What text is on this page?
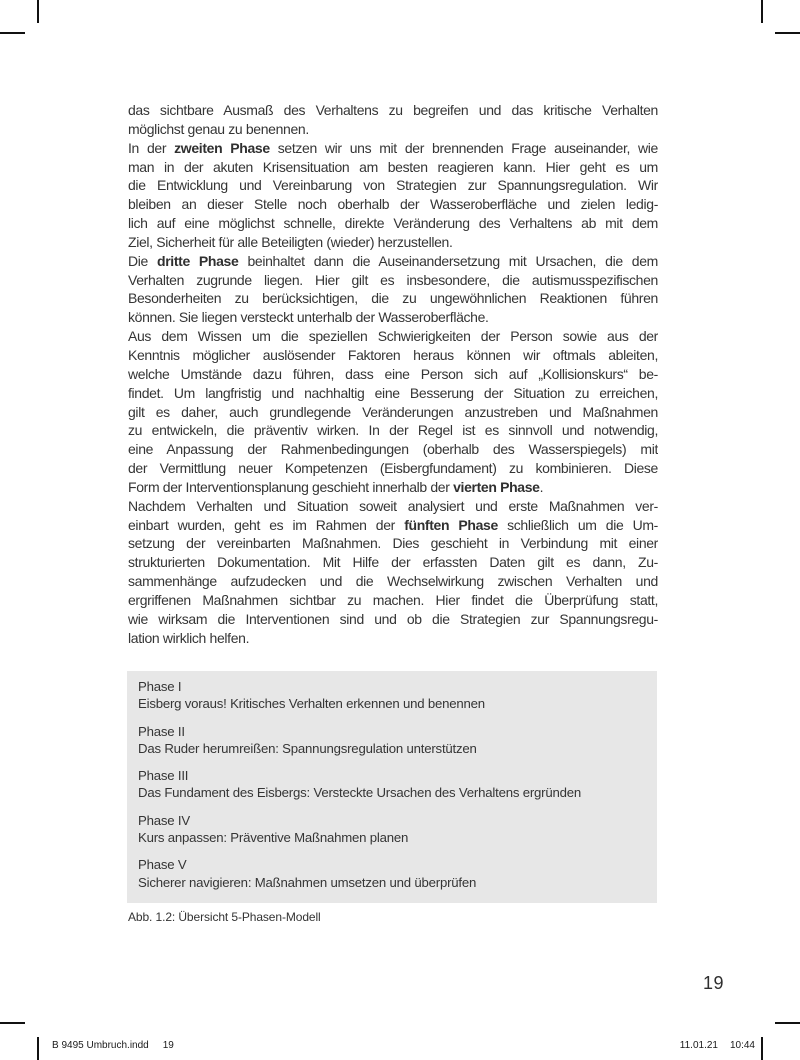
das sichtbare Ausmaß des Verhaltens zu begreifen und das kritische Verhalten
möglichst genau zu benennen.
In der zweiten Phase setzen wir uns mit der brennenden Frage auseinander, wie
man in der akuten Krisensituation am besten reagieren kann. Hier geht es um
die Entwicklung und Vereinbarung von Strategien zur Spannungsregulation. Wir
bleiben an dieser Stelle noch oberhalb der Wasseroberfläche und zielen ledig-
lich auf eine möglichst schnelle, direkte Veränderung des Verhaltens ab mit dem
Ziel, Sicherheit für alle Beteiligten (wieder) herzustellen.
Die dritte Phase beinhaltet dann die Auseinandersetzung mit Ursachen, die dem
Verhalten zugrunde liegen. Hier gilt es insbesondere, die autismusspezifischen
Besonderheiten zu berücksichtigen, die zu ungewöhnlichen Reaktionen führen
können. Sie liegen versteckt unterhalb der Wasseroberfläche.
Aus dem Wissen um die speziellen Schwierigkeiten der Person sowie aus der
Kenntnis möglicher auslösender Faktoren heraus können wir oftmals ableiten,
welche Umstände dazu führen, dass eine Person sich auf „Kollisionskurs“ be-
findet. Um langfristig und nachhaltig eine Besserung der Situation zu erreichen,
gilt es daher, auch grundlegende Veränderungen anzustreben und Maßnahmen
zu entwickeln, die präventiv wirken. In der Regel ist es sinnvoll und notwendig,
eine Anpassung der Rahmenbedingungen (oberhalb des Wasserspiegels) mit
der Vermittlung neuer Kompetenzen (Eisbergfundament) zu kombinieren. Diese
Form der Interventionsplanung geschieht innerhalb der vierten Phase.
Nachdem Verhalten und Situation soweit analysiert und erste Maßnahmen ver-
einbart wurden, geht es im Rahmen der fünften Phase schließlich um die Um-
setzung der vereinbarten Maßnahmen. Dies geschieht in Verbindung mit einer
strukturierten Dokumentation. Mit Hilfe der erfassten Daten gilt es dann, Zu-
sammenhänge aufzudecken und die Wechselwirkung zwischen Verhalten und
ergriffenen Maßnahmen sichtbar zu machen. Hier findet die Überprüfung statt,
wie wirksam die Interventionen sind und ob die Strategien zur Spannungsregu-
lation wirklich helfen.
Phase I
Eisberg voraus! Kritisches Verhalten erkennen und benennen
Phase II
Das Ruder herumreißen: Spannungsregulation unterstützen
Phase III
Das Fundament des Eisbergs: Versteckte Ursachen des Verhaltens ergründen
Phase IV
Kurs anpassen: Präventive Maßnahmen planen
Phase V
Sicherer navigieren: Maßnahmen umsetzen und überprüfen
Abb. 1.2: Übersicht 5-Phasen-Modell
19
B 9495 Umbruch.indd 19	11.01.21 10:44
